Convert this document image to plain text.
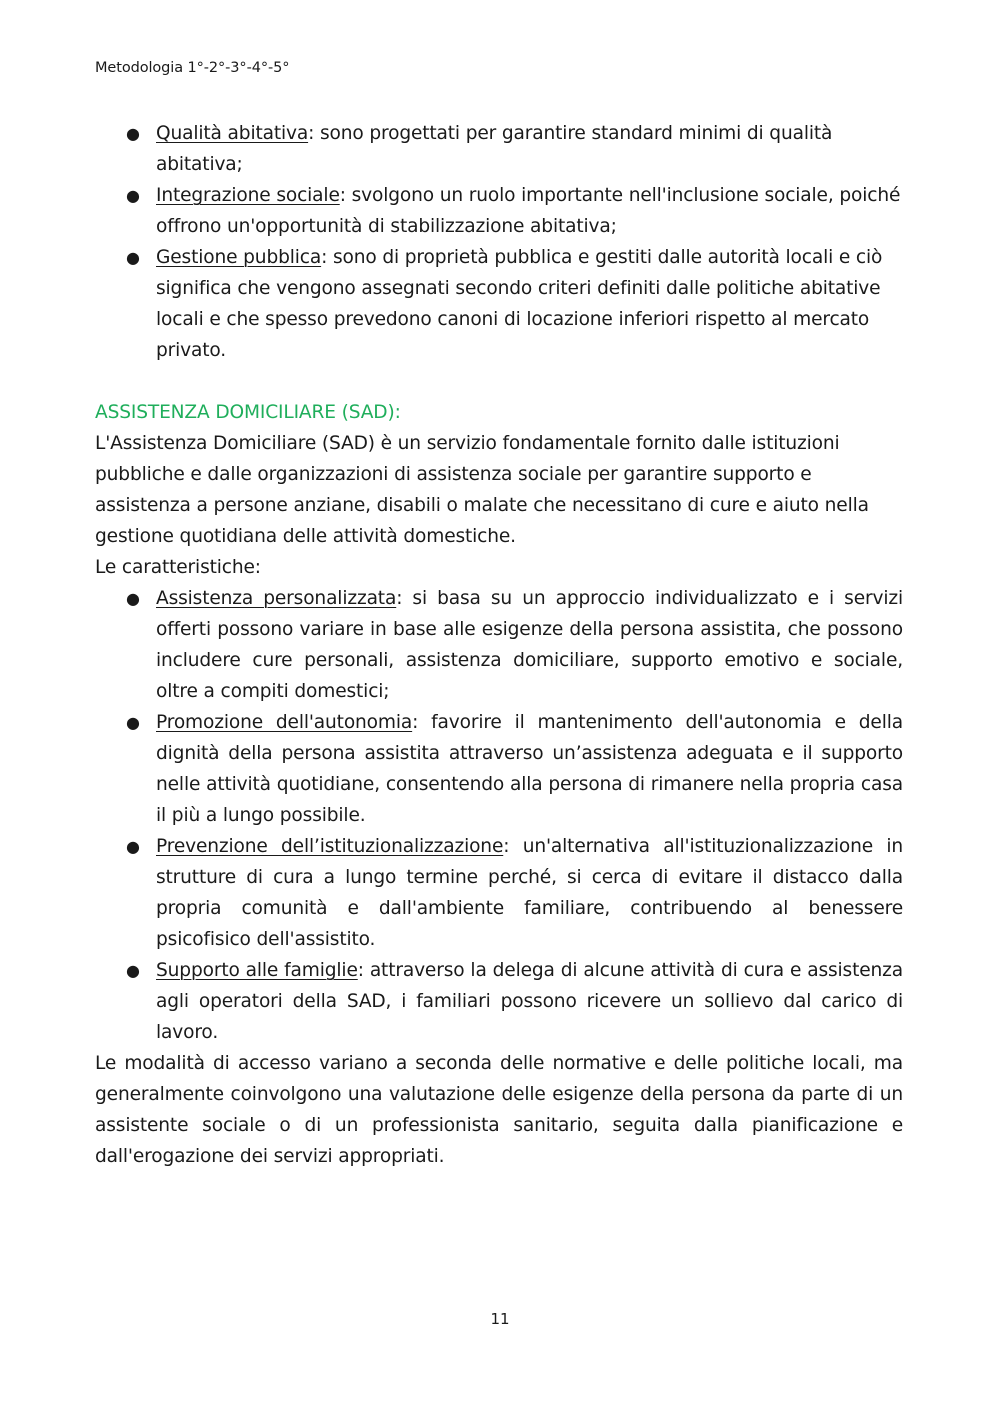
Metodologia 1°-2°-3°-4°-5°
● Qualità abitativa: sono progettati per garantire standard minimi di qualità abitativa;
● Integrazione sociale: svolgono un ruolo importante nell'inclusione sociale, poiché offrono un'opportunità di stabilizzazione abitativa;
● Gestione pubblica: sono di proprietà pubblica e gestiti dalle autorità locali e ciò significa che vengono assegnati secondo criteri definiti dalle politiche abitative locali e che spesso prevedono canoni di locazione inferiori rispetto al mercato privato.

ASSISTENZA DOMICILIARE (SAD):

L'Assistenza Domiciliare (SAD) è un servizio fondamentale fornito dalle istituzioni pubbliche e dalle organizzazioni di assistenza sociale per garantire supporto e assistenza a persone anziane, disabili o malate che necessitano di cure e aiuto nella gestione quotidiana delle attività domestiche.

Le caratteristiche:

● Assistenza personalizzata: si basa su un approccio individualizzato e i servizi offerti possono variare in base alle esigenze della persona assistita, che possono includere cure personali, assistenza domiciliare, supporto emotivo e sociale, oltre a compiti domestici;
● Promozione dell'autonomia: favorire il mantenimento dell'autonomia e della dignità della persona assistita attraverso un’assistenza adeguata e il supporto nelle attività quotidiane, consentendo alla persona di rimanere nella propria casa il più a lungo possibile.
● Prevenzione dell’istituzionalizzazione: un'alternativa all'istituzionalizzazione in strutture di cura a lungo termine perché, si cerca di evitare il distacco dalla propria comunità e dall'ambiente familiare, contribuendo al benessere psicofisico dell'assistito.
● Supporto alle famiglie: attraverso la delega di alcune attività di cura e assistenza agli operatori della SAD, i familiari possono ricevere un sollievo dal carico di lavoro.

Le modalità di accesso variano a seconda delle normative e delle politiche locali, ma generalmente coinvolgono una valutazione delle esigenze della persona da parte di un assistente sociale o di un professionista sanitario, seguita dalla pianificazione e dall'erogazione dei servizi appropriati.

11
